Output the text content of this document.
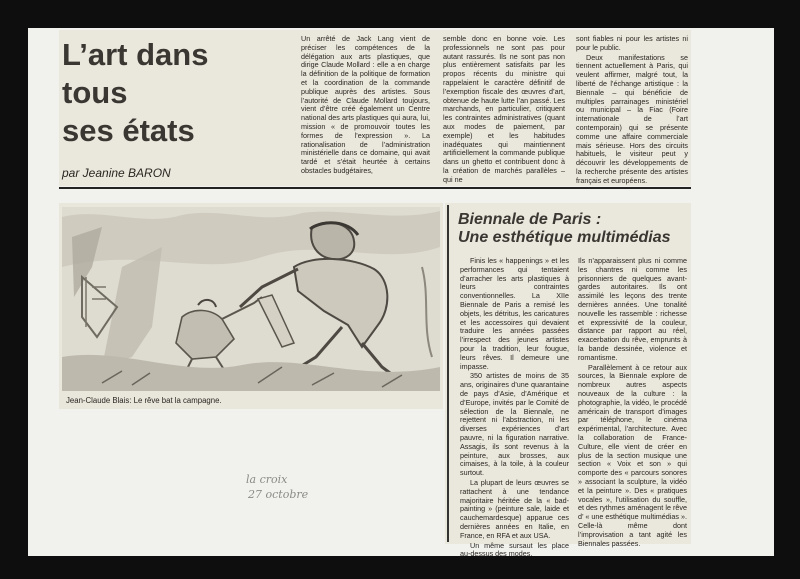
L’art dans
tous
ses états
par Jeanine BARON

Un arrêté de Jack Lang vient de préciser les compétences de la délégation aux arts plastiques, que dirige Claude Mollard : elle a en charge la définition de la politique de formation et la coordination de la commande publique auprès des artistes. Sous l’autorité de Claude Mollard toujours, vient d’être créé également un Centre national des arts plastiques qui aura, lui, mission « de promouvoir toutes les formes de l’expression ». La rationalisation de l’administration ministérielle dans ce domaine, qui avait tardé et s’était heurtée à certains obstacles budgétaires,

semble donc en bonne voie. Les professionnels ne sont pas pour autant rassurés. Ils ne sont pas non plus entièrement satisfaits par les propos récents du ministre qui rappelaient le caractère définitif de l’exemption fiscale des œuvres d’art, obtenue de haute lutte l’an passé. Les marchands, en particulier, critiquent les contraintes administratives (quant aux modes de paiement, par exemple) et les habitudes inadéquates qui maintiennent artificiellement la commande publique dans un ghetto et contribuent donc à la création de marchés parallèles – qui ne

sont fiables ni pour les artistes ni pour le public.

Deux manifestations se tiennent actuellement à Paris, qui veulent affirmer, malgré tout, la liberté de l’échange artistique : la Biennale – qui bénéficie de multiples parrainages ministériel ou municipal – la Fiac (Foire internationale de l’art contemporain) qui se présente comme une affaire commerciale mais sérieuse. Hors des circuits habituels, le visiteur peut y découvrir les développements de la recherche présente des artistes français et européens.

Jean-Claude Blais: Le rêve bat la campagne.
Biennale de Paris :
Une esthétique multimédias

Finis les « happenings » et les performances qui tentaient d’arracher les arts plastiques à leurs contraintes conventionnelles. La XIIe Biennale de Paris a remisé les objets, les détritus, les caricatures et les accessoires qui devaient traduire les années passées l’irrespect des jeunes artistes pour la tradition, leur fougue, leurs rêves. Il demeure une impasse.

350 artistes de moins de 35 ans, originaires d’une quarantaine de pays d’Asie, d’Amérique et d’Europe, invités par le Comité de sélection de la Biennale, ne rejettent ni l’abstraction, ni les diverses expériences d’art pauvre, ni la figuration narrative. Assagis, ils sont revenus à la peinture, aux brosses, aux cimaises, à la toile, à la couleur surtout.

La plupart de leurs œuvres se rattachent à une tendance majoritaire héritée de la « bad-painting » (peinture sale, laide et cauchemardesque) apparue ces dernières années en Italie, en France, en RFA et aux USA.

Un même sursaut les place au-dessus des modes.

Ils n’apparaissent plus ni comme les chantres ni comme les prisonniers de quelques avant-gardes autoritaires. Ils ont assimilé les leçons des trente dernières années. Une tonalité nouvelle les rassemble : richesse et expressivité de la couleur, distance par rapport au réel, exacerbation du rêve, emprunts à la bande dessinée, violence et romantisme.

Parallèlement à ce retour aux sources, la Biennale explore de nombreux autres aspects nouveaux de la culture : la photographie, la vidéo, le procédé américain de transport d’images par téléphone, le cinéma expérimental, l’architecture. Avec la collaboration de France-Culture, elle vient de créer en plus de la section musique une section « Voix et son » qui comporte des « parcours sonores » associant la sculpture, la vidéo et la peinture ». Des « pratiques vocales », l’utilisation du souffle, et des rythmes aménagent le rêve d’ « une esthétique multimédias ». Celle-là même dont l’improvisation a tant agité les Biennales passées.

la croix
27 octobre
